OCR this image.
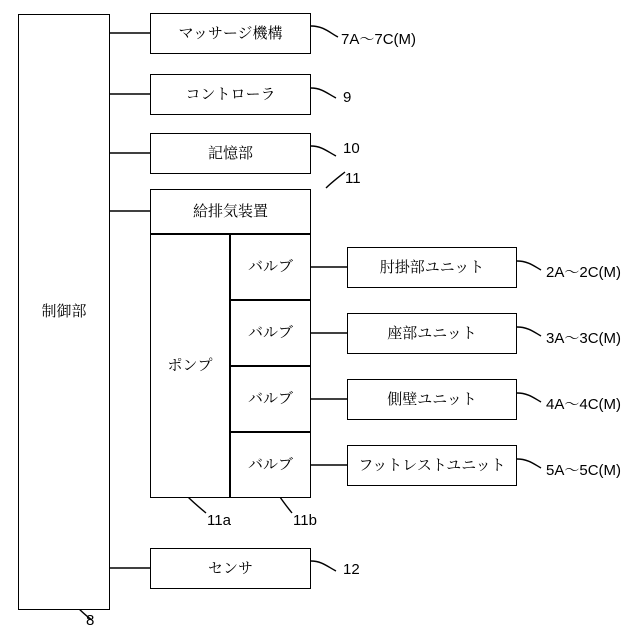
制御部
8
マッサージ機構	7A〜7C(M)
コントローラ	9
記憶部	10
給排気装置
11
ポンプ
11a
バルブ
バルブ
バルブ
バルブ
11b
肘掛部ユニット	2A〜2C(M)
座部ユニット	3A〜3C(M)
側壁ユニット	4A〜4C(M)
フットレストユニット	5A〜5C(M)
センサ	12
